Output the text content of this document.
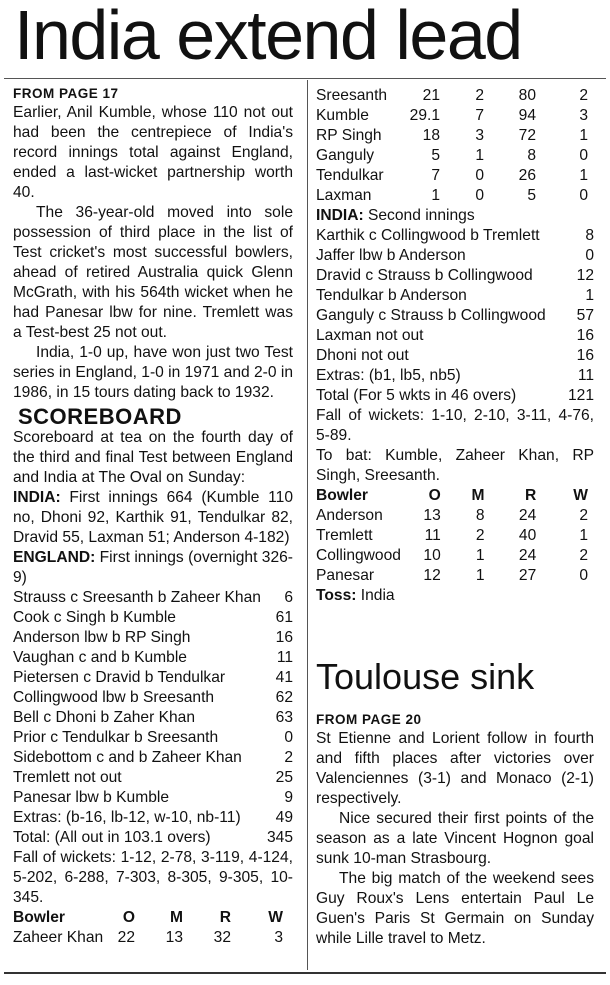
India extend lead
FROM PAGE 17

Earlier, Anil Kumble, whose 110 not out had been the centrepiece of India's record innings total against England, ended a last-wicket partnership worth 40.

The 36-year-old moved into sole possession of third place in the list of Test cricket's most successful bowlers, ahead of retired Australia quick Glenn McGrath, with his 564th wicket when he had Panesar lbw for nine. Tremlett was a Test-best 25 not out.

India, 1-0 up, have won just two Test series in England, 1-0 in 1971 and 2-0 in 1986, in 15 tours dating back to 1932.

SCOREBOARD

Scoreboard at tea on the fourth day of the third and final Test between England and India at The Oval on Sunday:

INDIA: First innings 664 (Kumble 110 no, Dhoni 92, Karthik 91, Tendulkar 82, Dravid 55, Laxman 51; Anderson 4-182)

ENGLAND: First innings (overnight 326-9)

Strauss c Sreesanth b Zaheer Khan 6
Cook c Singh b Kumble	61
Anderson lbw b RP Singh	16
Vaughan c and b Kumble	11
Pietersen c Dravid b Tendulkar	41
Collingwood lbw b Sreesanth	62
Bell c Dhoni b Zaher Khan	63
Prior c Tendulkar b Sreesanth	0
Sidebottom c and b Zaheer Khan	2
Tremlett not out	25
Panesar lbw b Kumble	9
Extras: (b-16, lb-12, w-10, nb-11) 49
Total: (All out in 103.1 overs)	345

Fall of wickets: 1-12, 2-78, 3-119, 4-124, 5-202, 6-288, 7-303, 8-305, 9-305, 10-345.

Bowler	O	M	R	W
Zaheer Khan	22	13	32	3
Sreesanth	21	2	80	2
Kumble	29.1	7	94	3
RP Singh	18	3	72	1
Ganguly	5	1	8	0
Tendulkar	7	0	26	1
Laxman	1	0	5	0
INDIA: Second innings
Karthik c Collingwood b Tremlett	8
Jaffer lbw b Anderson	0
Dravid c Strauss b Collingwood	12
Tendulkar b Anderson	1
Ganguly c Strauss b Collingwood 57
Laxman not out	16
Dhoni not out	16
Extras: (b1, lb5, nb5)	11
Total (For 5 wkts in 46 overs)	121

Fall of wickets: 1-10, 2-10, 3-11, 4-76, 5-89.

To bat: Kumble, Zaheer Khan, RP Singh, Sreesanth.

Bowler	O	M	R	W
Anderson	13	8	24	2
Tremlett	11	2	40	1
Collingwood	10	1	24	2
Panesar	12	1	27	0
Toss: India
Toulouse sink
FROM PAGE 20

St Etienne and Lorient follow in fourth and fifth places after victories over Valenciennes (3-1) and Monaco (2-1) respectively.

Nice secured their first points of the season as a late Vincent Hognon goal sunk 10-man Strasbourg.

The big match of the weekend sees Guy Roux's Lens entertain Paul Le Guen's Paris St Germain on Sunday while Lille travel to Metz.
